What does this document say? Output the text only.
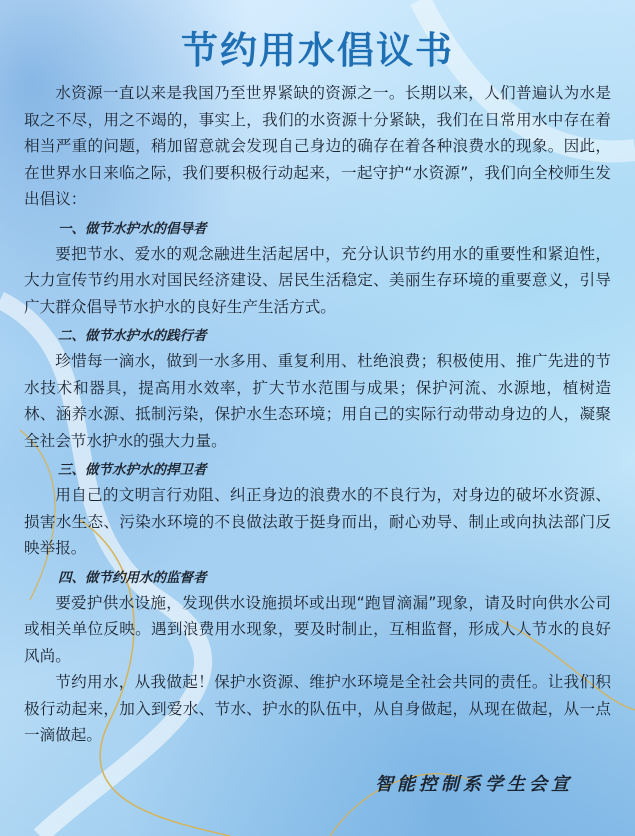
节约用水倡议书

水资源一直以来是我国乃至世界紧缺的资源之一。长期以来，人们普遍认为水是取之不尽，用之不竭的，事实上，我们的水资源十分紧缺，我们在日常用水中存在着相当严重的问题，稍加留意就会发现自己身边的确存在着各种浪费水的现象。因此，在世界水日来临之际，我们要积极行动起来，一起守护“水资源”，我们向全校师生发出倡议：

一、做节水护水的倡导者

要把节水、爱水的观念融进生活起居中，充分认识节约用水的重要性和紧迫性，大力宣传节约用水对国民经济建设、居民生活稳定、美丽生存环境的重要意义，引导广大群众倡导节水护水的良好生产生活方式。

二、做节水护水的践行者

珍惜每一滴水，做到一水多用、重复利用、杜绝浪费；积极使用、推广先进的节水技术和器具，提高用水效率，扩大节水范围与成果；保护河流、水源地，植树造林、涵养水源、抵制污染，保护水生态环境；用自己的实际行动带动身边的人，凝聚全社会节水护水的强大力量。

三、做节水护水的捍卫者

用自己的文明言行劝阻、纠正身边的浪费水的不良行为，对身边的破坏水资源、损害水生态、污染水环境的不良做法敢于挺身而出，耐心劝导、制止或向执法部门反映举报。

四、做节约用水的监督者

要爱护供水设施，发现供水设施损坏或出现“跑冒滴漏”现象，请及时向供水公司或相关单位反映。遇到浪费用水现象，要及时制止，互相监督，形成人人节水的良好风尚。

节约用水，从我做起！保护水资源、维护水环境是全社会共同的责任。让我们积极行动起来，加入到爱水、节水、护水的队伍中，从自身做起，从现在做起，从一点一滴做起。

智能控制系学生会宣
